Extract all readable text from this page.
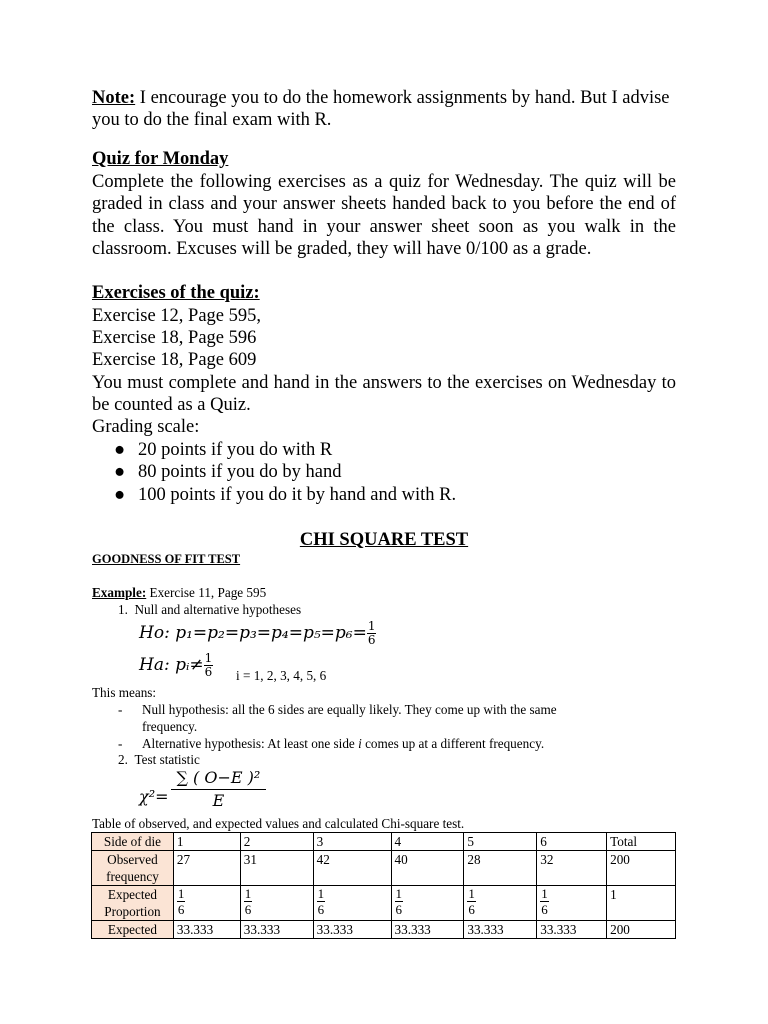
Note: I encourage you to do the homework assignments by hand. But I advise you to do the final exam with R.
Quiz for Monday
Complete the following exercises as a quiz for Wednesday. The quiz will be graded in class and your answer sheets handed back to you before the end of the class. You must hand in your answer sheet soon as you walk in the classroom. Excuses will be graded, they will have 0/100 as a grade.
Exercises of the quiz:
Exercise 12, Page 595,
Exercise 18, Page 596
Exercise 18, Page 609
You must complete and hand in the answers to the exercises on Wednesday to be counted as a Quiz.
Grading scale:
● 20 points if you do with R
● 80 points if you do by hand
● 100 points if you do it by hand and with R.
CHI SQUARE TEST
GOODNESS OF FIT TEST
Example: Exercise 11, Page 595
1.  Null and alternative hypotheses
Ho: $p_1=p_2=p_3=p_4=p_5=p_6= \frac{1}{6}$
Ha: pᵢ≠ $\frac{1}{6}$ i = 1, 2, 3, 4, 5, 6
This means:
- Null hypothesis: all the 6 sides are equally likely. They come up with the same
frequency.
- Alternative hypothesis: At least one side i comes up at a different frequency.
2.  Test statistic
$\chi^2= \frac{\text{∑ ( O−E )²}}{E}$
Table of observed, and expected values and calculated Chi-square test.
Side of die	1	2	3	4	5	6	Total
Observed frequency	27	31	42	40	28	32	200
Expected Proportion	$\frac{1}{6}$	$\frac{1}{6}$	$\frac{1}{6}$	$\frac{1}{6}$	$\frac{1}{6}$	$\frac{1}{6}$	1
Expected	33.333	33.333	33.333	33.333	33.333	33.333	200
